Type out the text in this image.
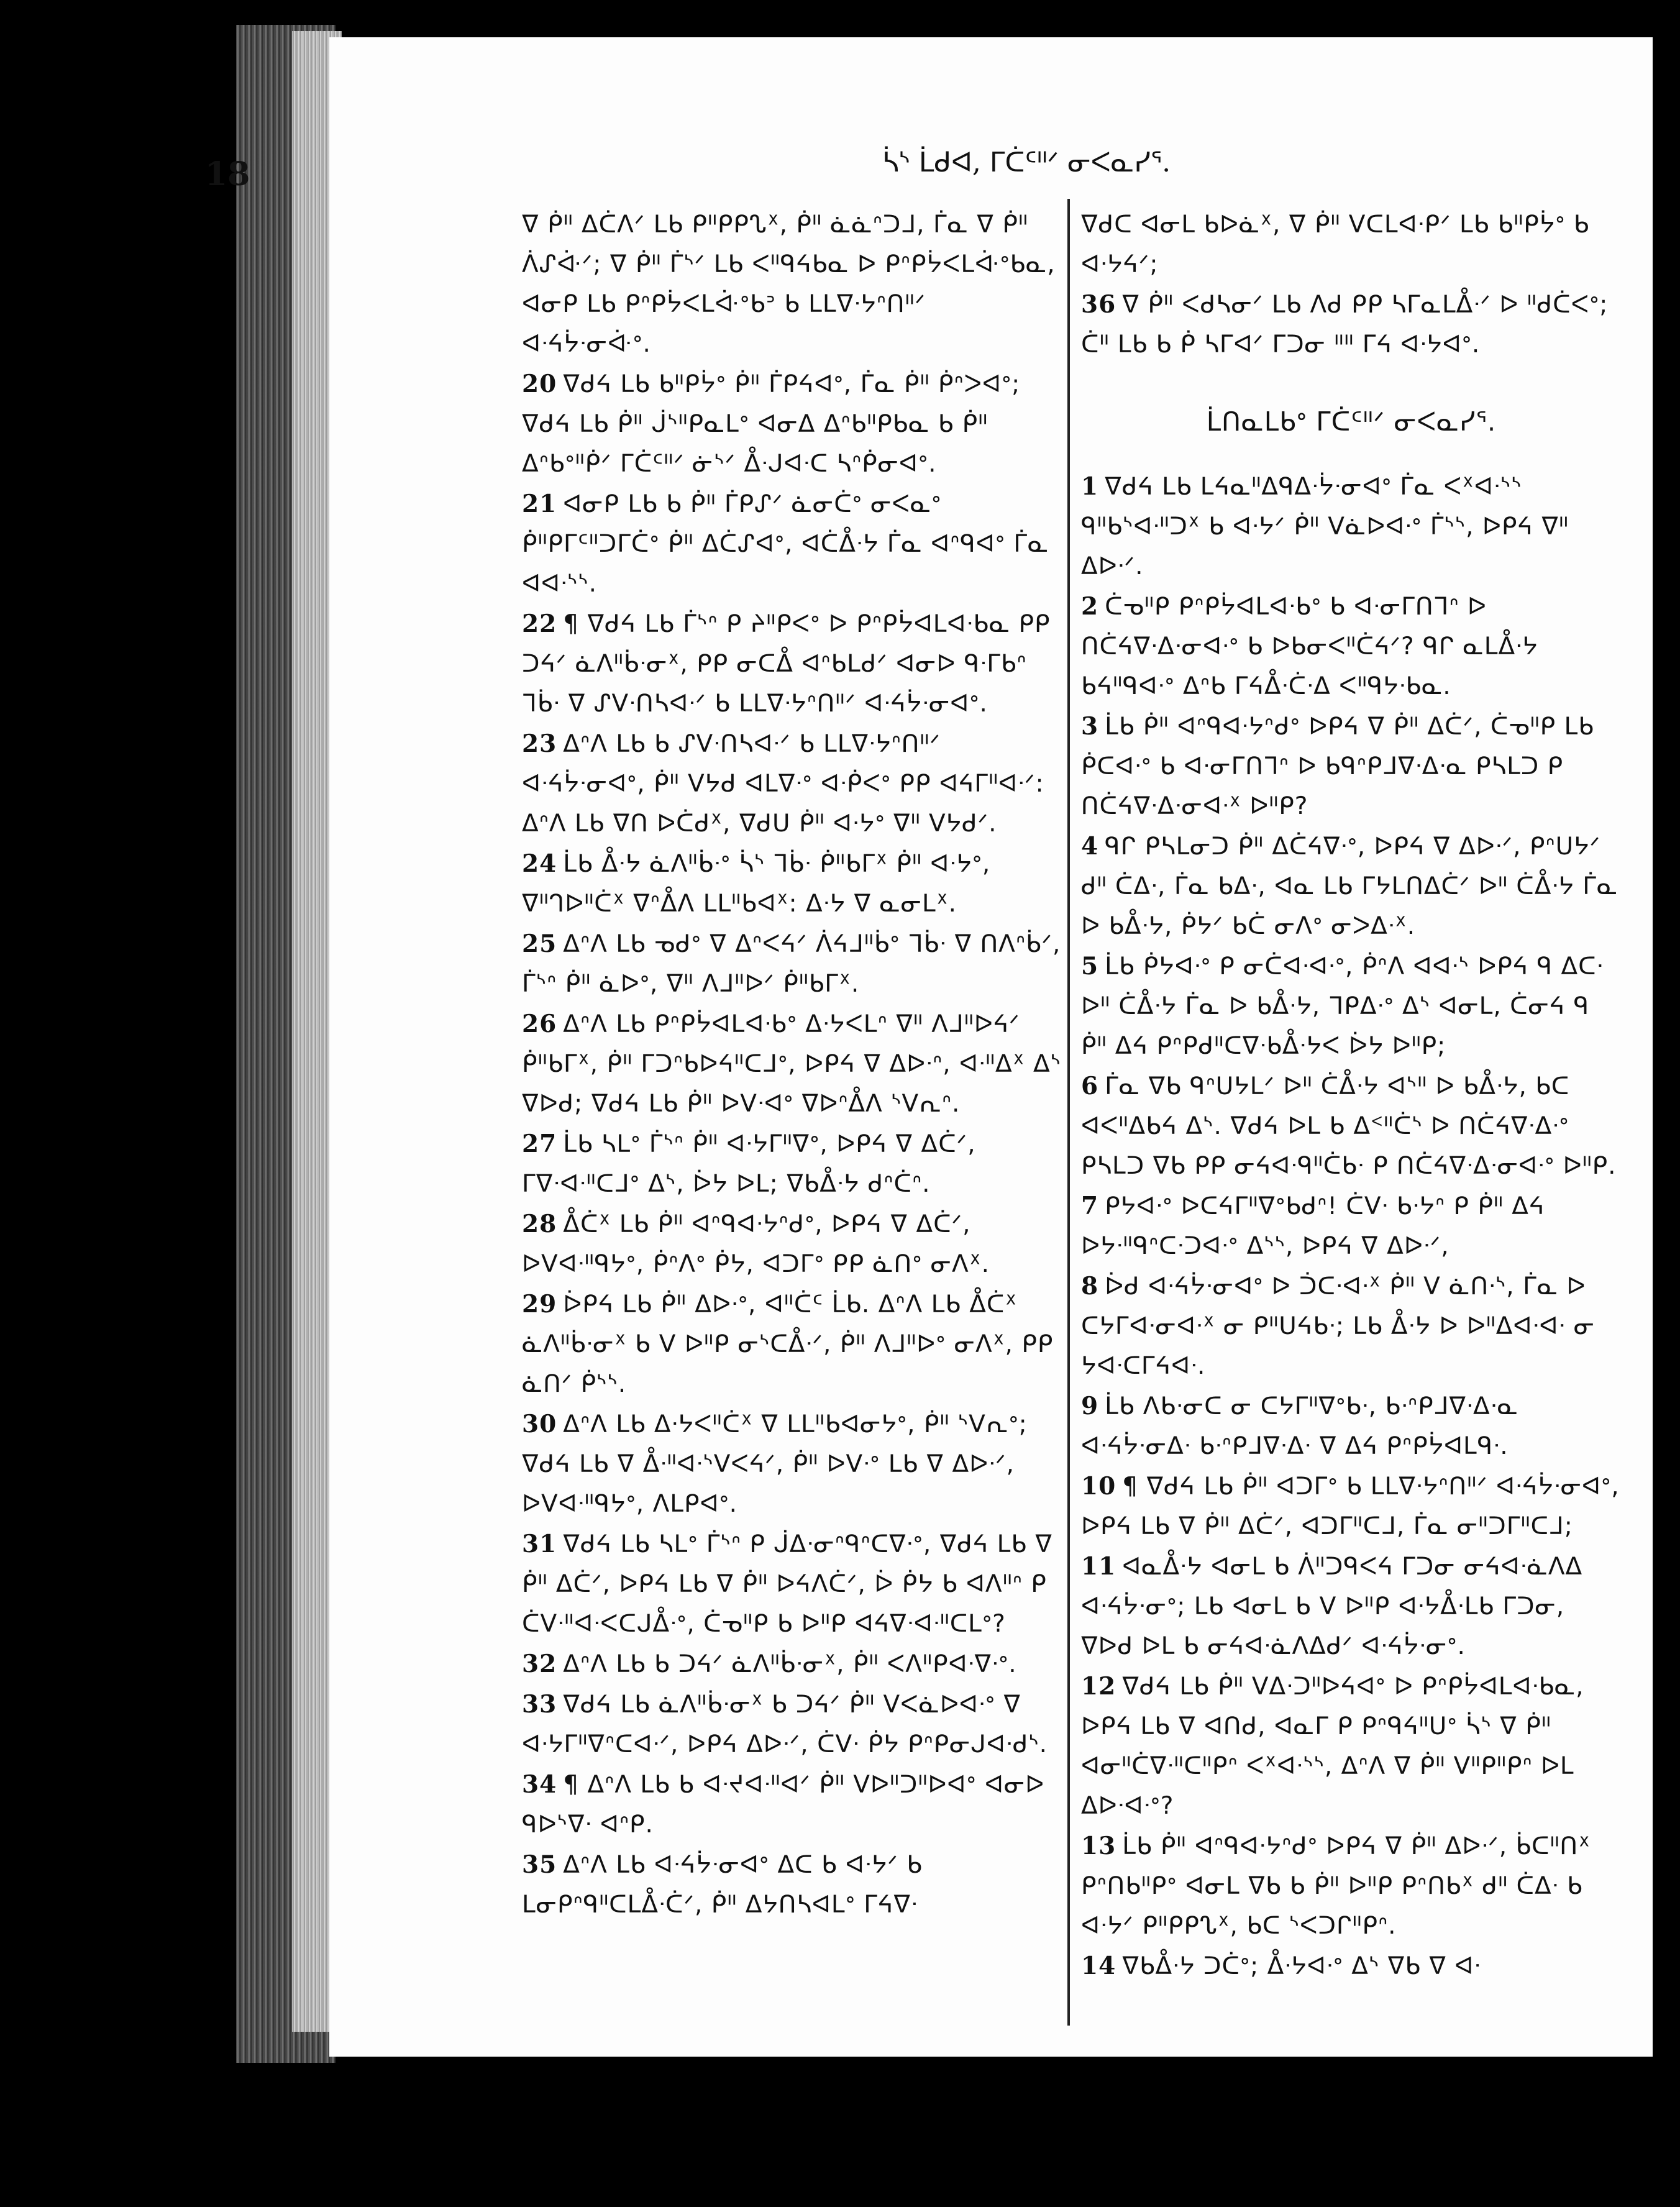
18	ᓵᔅ ᒫᑯᐊ, ᒥᑖᑦᐦᐟ ᓂᐸᓇᓯᕐ.
ᐁ ᑮᐦ ᐃᑖᐱᐟ ᒪᑲ ᑭᐦᑭᑭᔐᕽ, ᑮᐦ ᓈᓈᐢᑐᒧ, ᒦᓇ ᐁ ᑮᐦ ᐲᔑᐚᐟ; ᐁ ᑮᐦ ᒦᔅᐟ ᒪᑲ ᐸᐦᑫᔦᑲᓇ ᐅ ᑭᐢᑭᔮᐸᒪᐚᐤᑲᓇ, ᐊᓂᑭ ᒪᑲ ᑭᐢᑭᔮᐸᒪᐚᐤᑲᐣ ᑲ ᒪᒪᐁᐧᔭᐢᑎᐦᐟ ᐊᐧᔦᔮᐧᓂᐚᐤ.
20 ᐁᑯᔦ ᒪᑲ ᑲᐦᑭᔮᐤ ᑮᐦ ᒦᑭᔦᐊᐤ, ᒦᓇ ᑮᐦ ᑮᐢᐳᐊᐤ; ᐁᑯᔦ ᒪᑲ ᑮᐦ ᒎᔅᐦᑭᓇᒪᐤ ᐊᓂᐃ ᐃᐢᑲᐦᑭᑲᓇ ᑲ ᑮᐦ ᐃᐢᑲᐤᐦᑮᐟ ᒥᑖᑦᐦᐟ ᓃᔅᐟ ᐂᐧᒍᐊᐧᑕ ᓴᐢᑮᓂᐊᐤ.
21 ᐊᓂᑭ ᒪᑲ ᑲ ᑮᐦ ᒦᑭᔑᐟ ᓈᓂᑖᐤ ᓂᐸᓇᐤ ᑮᐦᑭᒥᑦᐦᑐᒥᑖᐤ ᑮᐦ ᐃᑖᔑᐊᐤ, ᐊᑖᐂᐧᔭ ᒦᓇ ᐊᐢᑫᐊᐤ ᒦᓇ ᐊᐊᐧᔅᔅ.
22 ¶ ᐁᑯᔦ ᒪᑲ ᒦᔅᐢ ᑭ ᔨᐦᑭᐸᐤ ᐅ ᑭᐢᑭᔮᐊᒪᐊᐧᑲᓇ ᑭᑭ ᑐᔦᐟ ᓈᐱᐦᑳᐧᓂᕽ, ᑭᑭ ᓂᑕᐂ ᐊᐢᑲᒪᑯᐟ ᐊᓂᐅ ᑫᐧᒥᑲᐢ ᒣᑳᐧ ᐁ ᔑᐯᐧᑎᓴᐊᐧᐟ ᑲ ᒪᒪᐁᐧᔭᐢᑎᐦᐟ ᐊᐧᔦᔮᐧᓂᐊᐤ.
23 ᐃᐢᐱ ᒪᑲ ᑲ ᔑᐯᐧᑎᓴᐊᐧᐟ ᑲ ᒪᒪᐁᐧᔭᐢᑎᐦᐟ ᐊᐧᔦᔮᐧᓂᐊᐤ, ᑮᐦ ᐯᔭᑯ ᐊᒪᐁᐧᐤ ᐊᐧᑮᐸᐤ ᑭᑭ ᐊᔦᒥᐦᐊᐧᐟ: ᐃᐢᐱ ᒪᑲ ᐁᑎ ᐅᑖᑯᕽ, ᐁᑯᑌ ᑮᐦ ᐊᐧᔭᐤ ᐁᐦ ᐯᔭᑯᐟ.
24 ᒫᑲ ᐂᐧᔭ ᓈᐱᐦᑳᐧᐤ ᓵᔅ ᒣᑳᐧ ᑮᐦᑲᒥᕽ ᑮᐦ ᐊᐧᔭᐤ, ᐁᐦᒉᐅᐦᑖᕽ ᐁᐢᐂᐱ ᒪᒪᐦᑲᐊᕽ: ᐃᐧᔭ ᐁ ᓇᓂᒪᕽ.
25 ᐃᐢᐱ ᒪᑲ ᓀᑯᐤ ᐁ ᐃᐢᐸᔦᐟ ᐲᔦᒧᐦᑳᐤ ᒣᑳᐧ ᐁ ᑎᐱᐢᑳᐟ, ᒦᔅᐢ ᑮᐦ ᓈᐅᐤ, ᐁᐦ ᐱᒧᐦᐅᐟ ᑮᐦᑲᒥᕽ.
26 ᐃᐢᐱ ᒪᑲ ᑭᐢᑭᔮᐊᒪᐊᐧᑲᐤ ᐃᐧᔭᐸᒪᐢ ᐁᐦ ᐱᒧᐦᐅᔦᐟ ᑮᐦᑲᒥᕽ, ᑮᐦ ᒥᑐᐢᑲᐅᔦᐦᑕᒧᐤ, ᐅᑭᔦ ᐁ ᐃᐅᐧᐢ, ᐊᐧᐦᐃᕽ ᐃᔅ ᐁᐅᑯ; ᐁᑯᔦ ᒪᑲ ᑮᐦ ᐅᐯᐧᐊᐤ ᐁᐅᐢᐂᐱ ᔅᐯᕆᐢ.
27 ᒫᑲ ᓴᒪᐤ ᒦᔅᐢ ᑮᐦ ᐊᐧᔭᒥᐦᐁᐤ, ᐅᑭᔦ ᐁ ᐃᑖᐟ, ᒥᐁᐧᐊᐧᐦᑕᒧᐤ ᐃᔅ, ᐆᔭ ᐅᒪ; ᐁᑲᐂᐧᔭ ᑯᐢᑖᐢ.
28 ᐂᑖᕽ ᒪᑲ ᑮᐦ ᐊᐢᑫᐊᐧᔭᐢᑯᐤ, ᐅᑭᔦ ᐁ ᐃᑖᐟ, ᐅᐯᐊᐧᐦᑫᔭᐤ, ᑮᐢᐱᐤ ᑮᔭ, ᐊᑐᒥᐤ ᑭᑭ ᓈᑎᐤ ᓂᐱᕽ.
29 ᐆᑭᔦ ᒪᑲ ᑮᐦ ᐃᐅᐧᐤ, ᐊᐦᑖᑦ ᒫᑲ. ᐃᐢᐱ ᒪᑲ ᐂᑖᕽ ᓈᐱᐦᑳᐧᓂᕽ ᑲ ᐯ ᐅᐦᑭ ᓂᔅᑕᐂᐧᐟ, ᑮᐦ ᐱᒧᐦᐅᐤ ᓂᐱᕽ, ᑭᑭ ᓈᑎᐟ ᑮᔅᔅ.
30 ᐃᐢᐱ ᒪᑲ ᐃᐧᔭᐸᐦᑖᕽ ᐁ ᒪᒪᐦᑲᐊᓂᔭᐤ, ᑮᐦ ᔅᐯᕆᐤ; ᐁᑯᔦ ᒪᑲ ᐁ ᐂᐧᐦᐊᐧᔅᐯᐸᔦᐟ, ᑮᐦ ᐅᐯᐧᐤ ᒪᑲ ᐁ ᐃᐅᐧᐟ, ᐅᐯᐊᐧᐦᑫᔭᐤ, ᐱᒪᑭᐊᐤ.
31 ᐁᑯᔦ ᒪᑲ ᓴᒪᐤ ᒦᔅᐢ ᑭ ᒎᐃᐧᓂᐢᑫᐢᑕᐁᐧᐤ, ᐁᑯᔦ ᒪᑲ ᐁ ᑮᐦ ᐃᑖᐟ, ᐅᑭᔦ ᒪᑲ ᐁ ᑮᐦ ᐅᔦᐱᑖᐟ, ᐆ ᑮᔭ ᑲ ᐊᐱᐦᐢ ᑭ ᑖᐯᐧᐦᐊᐧᐸᑕᒍᐂᐧᐤ, ᑖᓀᐦᑭ ᑲ ᐅᐦᑭ ᐊᔦᐁᐧᐊᐧᐦᑕᒪᐤ?
32 ᐃᐢᐱ ᒪᑲ ᑲ ᑐᔦᐟ ᓈᐱᐦᑳᐧᓂᕽ, ᑮᐦ ᐸᐱᐦᑭᐊᐧᐁᐧᐤ.
33 ᐁᑯᔦ ᒪᑲ ᓈᐱᐦᑳᐧᓂᕽ ᑲ ᑐᔦᐟ ᑮᐦ ᐯᐸᓈᐅᐊᐧᐤ ᐁ ᐊᐧᔭᒥᐦᐁᐢᑕᐊᐧᐟ, ᐅᑭᔦ ᐃᐅᐧᐟ, ᑖᐯᐧ ᑮᔭ ᑭᐢᑭᓂᒍᐊᐧᑯᔅ.
34 ¶ ᐃᐢᐱ ᒪᑲ ᑲ ᐊᐧᔪᐊᐧᐦᐊᐟ ᑮᐦ ᐯᐅᐦᑐᐦᐅᐊᐤ ᐊᓂᐅ ᑫᐅᔅᐁᐧ ᐊᐢᑭ.
35 ᐃᐢᐱ ᒪᑲ ᐊᐧᔦᔮᐧᓂᐊᐤ ᐃᑕ ᑲ ᐊᐧᔭᐟ ᑲ ᒪᓂᑭᐢᑫᐦᑕᒪᐂᐧᑖᐟ, ᑮᐦ ᐃᔭᑎᓴᐊᒪᐤ ᒥᔦᐁᐧ
ᐁᑯᑕ ᐊᓂᒪ ᑲᐅᓈᕽ, ᐁ ᑮᐦ ᐯᑕᒪᐊᐧᑭᐟ ᒪᑲ ᑲᐦᑭᔮᐤ ᑲ ᐊᐧᔭᔦᐟ;
36 ᐁ ᑮᐦ ᐸᑯᓴᓂᐟ ᒪᑲ ᐱᑯ ᑭᑭ ᓴᒥᓇᒪᐂᐧᐟ ᐅ ᐦᑯᑖᐸᐤ; ᑖᐦ ᒪᑲ ᑲ ᑮ ᓴᒥᐊᐟ ᒥᑐᓂ ᐦᐦ ᒥᔦ ᐊᐧᔭᐊᐤ.
ᒫᑎᓇᒪᑲᐤ ᒥᑖᑦᐦᐟ ᓂᐸᓇᓯᕐ.
1 ᐁᑯᔦ ᒪᑲ ᒪᔦᓇᐦᐃᑫᐃᐧᔮᐧᓂᐊᐤ ᒦᓇ ᐸᕽᐊᐧᔅᔅ ᑫᐦᑲᔅᐊᐧᐦᑐᕽ ᑲ ᐊᐧᔭᐟ ᑮᐦ ᐯᓈᐅᐊᐧᐤ ᒦᔅᔅ, ᐅᑭᔦ ᐁᐦ ᐃᐅᐧᐟ.
2 ᑖᓀᐦᑭ ᑭᐢᑭᔮᐊᒪᐊᐧᑲᐤ ᑲ ᐊᐧᓂᒥᑎᒣᐢ ᐅ ᑎᑖᔦᐁᐧᐃᐧᓂᐊᐧᐤ ᑲ ᐅᑲᓂᐸᐦᑖᔦᐟ? ᑫᒋ ᓇᒪᐂᐧᔭ ᑲᔦᐦᑫᐊᐧᐤ ᐃᐢᑲ ᒥᔦᐂᐧᑖᐧᐃ ᐸᐦᑫᔭᐧᑲᓇ.
3 ᒫᑲ ᑮᐦ ᐊᐢᑫᐊᐧᔭᐢᑯᐤ ᐅᑭᔦ ᐁ ᑮᐦ ᐃᑖᐟ, ᑖᓀᐦᑭ ᒪᑲ ᑮᑕᐊᐧᐤ ᑲ ᐊᐧᓂᒥᑎᒣᐢ ᐅ ᑲᑫᐢᑭᒧᐁᐧᐃᐧᓇ ᑭᓴᒪᑐ ᑭ ᑎᑖᔦᐁᐧᐃᐧᓂᐊᐧᕽ ᐅᐦᑭ?
4 ᑫᒋ ᑭᓴᒪᓂᑐ ᑮᐦ ᐃᑖᔦᐁᐧᐤ, ᐅᑭᔦ ᐁ ᐃᐅᐧᐟ, ᑭᐢᑌᔭᐟ ᑯᐦ ᑖᐃᐧ, ᒦᓇ ᑲᐃᐧ, ᐊᓇ ᒪᑲ ᒥᔭᒪᑎᐃᑖᐟ ᐅᐦ ᑖᐂᐧᔭ ᒦᓇ ᐅ ᑲᐂᐧᔭ, ᑮᔭᐟ ᑲᑖ ᓂᐱᐤ ᓂᐳᐃᐧᕽ.
5 ᒫᑲ ᑮᔭᐊᐧᐤ ᑭ ᓂᑖᐊᐧᐊᐧᐤ, ᑮᐢᐱ ᐊᐊᐧᔅ ᐅᑭᔦ ᑫ ᐃᑕᐧ ᐅᐦ ᑖᐂᐧᔭ ᒦᓇ ᐅ ᑲᐂᐧᔭ, ᒣᑭᐃᐧᐤ ᐃᔅ ᐊᓂᒪ, ᑖᓂᔦ ᑫ ᑮᐦ ᐃᔦ ᑭᐢᑭᑯᐦᑕᐁᐧᑲᐂᐧᔭᐸ ᐆᔭ ᐅᐦᑭ;
6 ᒦᓇ ᐁᑲ ᑫᐢᑌᔭᒪᐟ ᐅᐦ ᑖᐂᐧᔭ ᐊᔅᐦ ᐅ ᑲᐂᐧᔭ, ᑲᑕ ᐊᐸᐦᐃᑲᔦ ᐃᔅ. ᐁᑯᔦ ᐅᒪ ᑲ ᐃᑉᐦᑖᔅ ᐅ ᑎᑖᔦᐁᐧᐃᐧᐤ ᑭᓴᒪᑐ ᐁᑲ ᑭᑭ ᓂᔦᐊᐧᑫᐦᑖᑲᐧ ᑭ ᑎᑖᔦᐁᐧᐃᐧᓂᐊᐧᐤ ᐅᐦᑭ.
7 ᑭᔭᐊᐧᐤ ᐅᑕᔦᒥᐦᐁᐤᑲᑯᐢ! ᑖᐯᐧ ᑲᐧᔭᐢ ᑭ ᑮᐦ ᐃᔦ ᐅᔭᐧᐦᑫᐢᑕᐧᑐᐊᐧᐤ ᐃᔅᔅ, ᐅᑭᔦ ᐁ ᐃᐅᐧᐟ,
8 ᐆᑯ ᐊᐧᔦᔮᐧᓂᐊᐤ ᐅ ᑑᑕᐧᐊᐧᕽ ᑮᐦ ᐯ ᓈᑎᐧᔅ, ᒦᓇ ᐅ ᑕᔭᒥᐊᐧᓂᐊᐧᕽ ᓂ ᑭᐦᑌᔦᑲᐧ; ᒪᑲ ᐂᐧᔭ ᐅ ᐅᐦᐃᐊᐧᐊᐧ ᓂ ᔭᐊᐧᑕᒥᔦᐊᐧ.
9 ᒫᑲ ᐱᑲᐧᓂᑕ ᓂ ᑕᔭᒥᐦᐁᐤᑲᐧ, ᑲᐧᐢᑭᒧᐁᐧᐃᐧᓇ ᐊᐧᔦᔮᐧᓂᐃᐧ ᑲᐧᐢᑭᒧᐁᐧᐃᐧ ᐁ ᐃᔦ ᑭᐢᑭᔮᐊᒪᑫᐧ.
10 ¶ ᐁᑯᔦ ᒪᑲ ᑮᐦ ᐊᑐᒥᐤ ᑲ ᒪᒪᐁᐧᔭᐢᑎᐦᐟ ᐊᐧᔦᔮᐧᓂᐊᐤ, ᐅᑭᔦ ᒪᑲ ᐁ ᑮᐦ ᐃᑖᐟ, ᐊᑐᒥᐦᑕᒧ, ᒦᓇ ᓂᐦᑐᒥᐦᑕᒧ;
11 ᐊᓇᐂᐧᔭ ᐊᓂᒪ ᑲ ᐲᐦᑐᑫᐸᔦ ᒥᑐᓂ ᓂᔦᐊᐧᓈᐱᐃ ᐊᐧᔦᔮᐧᓂᐤ; ᒪᑲ ᐊᓂᒪ ᑲ ᐯ ᐅᐦᑭ ᐊᐧᔭᐂᐧᒪᑲ ᒥᑐᓂ, ᐁᐅᑯ ᐅᒪ ᑲ ᓂᔦᐊᐧᓈᐱᐃᑯᐟ ᐊᐧᔦᔮᐧᓂᐤ.
12 ᐁᑯᔦ ᒪᑲ ᑮᐦ ᐯᐃᐧᑐᐦᐅᔦᐊᐤ ᐅ ᑭᐢᑭᔮᐊᒪᐊᐧᑲᓇ, ᐅᑭᔦ ᒪᑲ ᐁ ᐊᑎᑯ, ᐊᓇᒥ ᑭ ᑭᐢᑫᔦᐦᑌᐤ ᓵᔅ ᐁ ᑮᐦ ᐊᓂᐦᑖᐁᐧᐦᑕᐦᑭᐢ ᐸᕽᐊᐧᔅᔅ, ᐃᐢᐱ ᐁ ᑮᐦ ᐯᐦᑭᐦᑭᐢ ᐅᒪ ᐃᐅᐧᐊᐧᐤ?
13 ᒫᑲ ᑮᐦ ᐊᐢᑫᐊᐧᔭᐢᑯᐤ ᐅᑭᔦ ᐁ ᑮᐦ ᐃᐅᐧᐟ, ᑳᑕᐦᑎᕽ ᑭᐢᑎᑲᐦᑭᐤ ᐊᓂᒪ ᐁᑲ ᑲ ᑮᐦ ᐅᐦᑭ ᑭᐢᑎᑲᕽ ᑯᐦ ᑖᐃᐧ ᑲ ᐊᐧᔭᐟ ᑭᐦᑭᑭᔐᕽ, ᑲᑕ ᔅᐸᑐᒋᐦᑭᐢ.
14 ᐁᑲᐂᐧᔭ ᑐᑖᐤ; ᐂᐧᔭᐊᐧᐤ ᐃᔅ ᐁᑲ ᐁ ᐊᐧ
